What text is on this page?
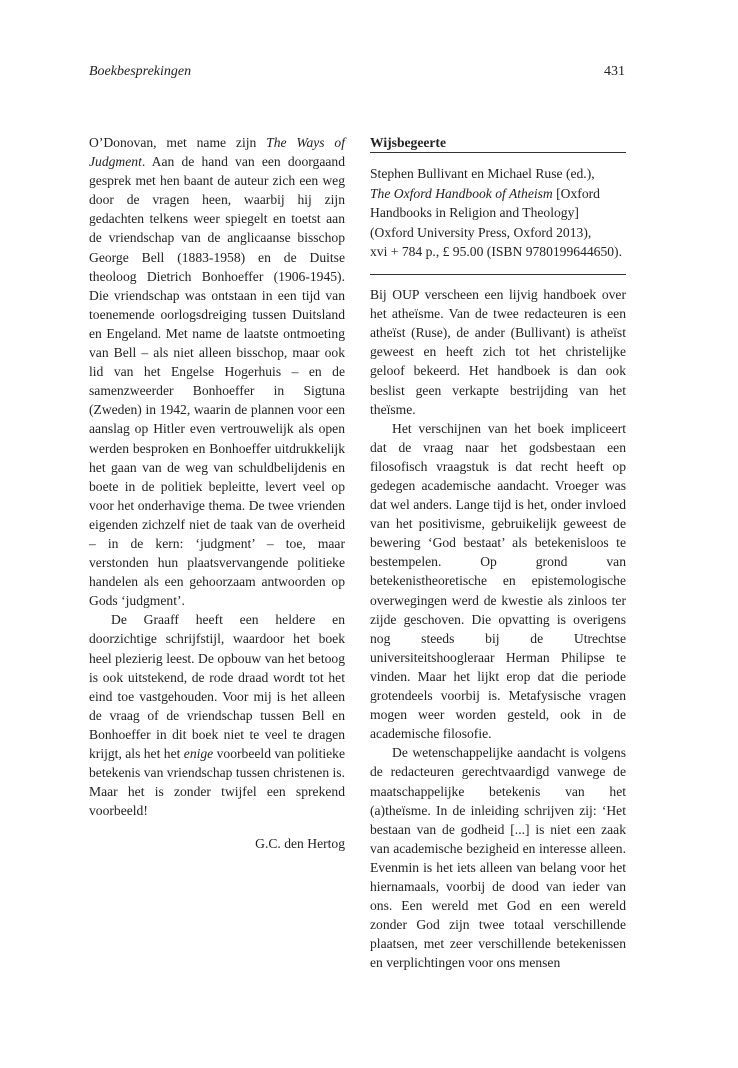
Boekbesprekingen	431

O’Donovan, met name zijn The Ways of Judgment. Aan de hand van een doorgaand gesprek met hen baant de auteur zich een weg door de vragen heen, waarbij hij zijn gedachten telkens weer spiegelt en toetst aan de vriendschap van de anglicaanse bisschop George Bell (1883-1958) en de Duitse theoloog Dietrich Bonhoeffer (1906-1945). Die vriendschap was ontstaan in een tijd van toenemende oorlogsdreiging tussen Duitsland en Engeland. Met name de laatste ontmoeting van Bell – als niet alleen bisschop, maar ook lid van het Engelse Hogerhuis – en de samenzweerder Bonhoeffer in Sigtuna (Zweden) in 1942, waarin de plannen voor een aanslag op Hitler even vertrouwelijk als open werden besproken en Bonhoeffer uitdrukkelijk het gaan van de weg van schuldbelijdenis en boete in de politiek bepleitte, levert veel op voor het onderhavige thema. De twee vrienden eigenden zichzelf niet de taak van de overheid – in de kern: ‘judgment’ – toe, maar verstonden hun plaatsvervangende politieke handelen als een gehoorzaam antwoorden op Gods ‘judgment’.

De Graaff heeft een heldere en doorzichtige schrijfstijl, waardoor het boek heel plezierig leest. De opbouw van het betoog is ook uitstekend, de rode draad wordt tot het eind toe vastgehouden. Voor mij is het alleen de vraag of de vriendschap tussen Bell en Bonhoeffer in dit boek niet te veel te dragen krijgt, als het het enige voorbeeld van politieke betekenis van vriendschap tussen christenen is. Maar het is zonder twijfel een sprekend voorbeeld!

G.C. den Hertog

Wijsbegeerte

Stephen Bullivant en Michael Ruse (ed.),
The Oxford Handbook of Atheism [Oxford Handbooks in Religion and Theology]
(Oxford University Press, Oxford 2013),
xvi + 784 p., £ 95.00 (ISBN 9780199644650).

Bij OUP verscheen een lijvig handboek over het atheïsme. Van de twee redacteuren is een atheïst (Ruse), de ander (Bullivant) is atheïst geweest en heeft zich tot het christelijke geloof bekeerd. Het handboek is dan ook beslist geen verkapte bestrijding van het theïsme.

Het verschijnen van het boek impliceert dat de vraag naar het godsbestaan een filosofisch vraagstuk is dat recht heeft op gedegen academische aandacht. Vroeger was dat wel anders. Lange tijd is het, onder invloed van het positivisme, gebruikelijk geweest de bewering ‘God bestaat’ als betekenisloos te bestempelen. Op grond van betekenistheoretische en epistemologische overwegingen werd de kwestie als zinloos ter zijde geschoven. Die opvatting is overigens nog steeds bij de Utrechtse universiteitshoogleraar Herman Philipse te vinden. Maar het lijkt erop dat die periode grotendeels voorbij is. Metafysische vragen mogen weer worden gesteld, ook in de academische filosofie.

De wetenschappelijke aandacht is volgens de redacteuren gerechtvaardigd vanwege de maatschappelijke betekenis van het (a)theïsme. In de inleiding schrijven zij: ‘Het bestaan van de godheid [...] is niet een zaak van academische bezigheid en interesse alleen. Evenmin is het iets alleen van belang voor het hiernamaals, voorbij de dood van ieder van ons. Een wereld met God en een wereld zonder God zijn twee totaal verschillende plaatsen, met zeer verschillende betekenissen en verplichtingen voor ons mensen
